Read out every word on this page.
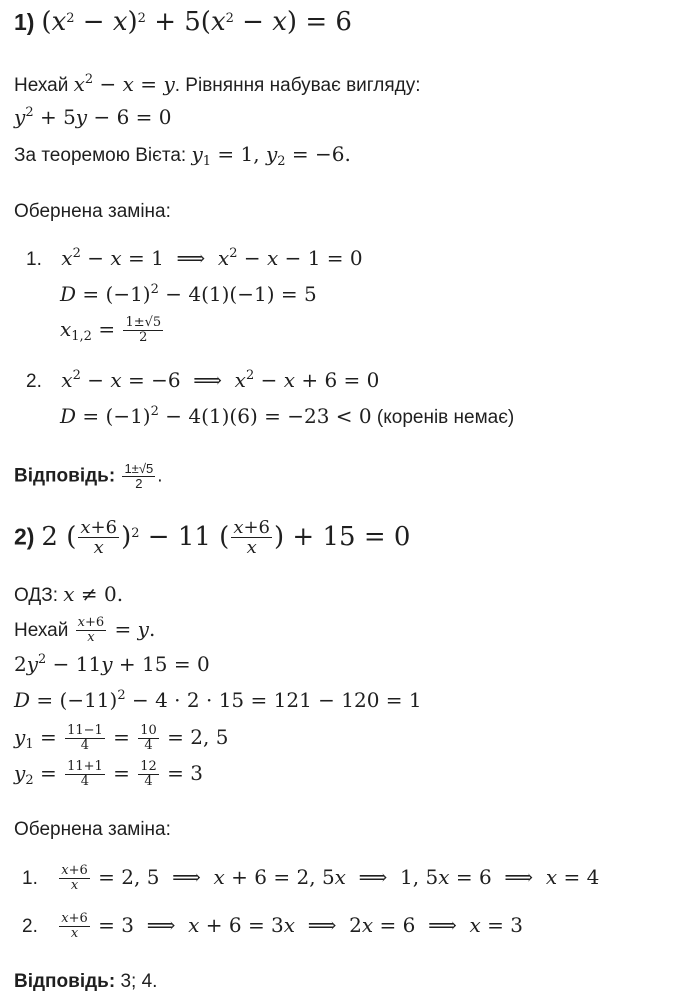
1) $(x^2 - x)^2 + 5(x^2 - x) = 6$
Нехай $x^2 - x = y$. Рівняння набуває вигляду:
$y^2 + 5y - 6 = 0$
За теоремою Вієта: $y_1 = 1$, $y_2 = -6$.
Обернена заміна:
1. $x^2 - x = 1$  ⟹  $x^2 - x - 1 = 0$
$D = (-1)^2 - 4(1)(-1) = 5$
$x_{1,2} = \frac{1\pm√5}{2}$
2. $x^2 - x = -6$  ⟹  $x^2 - x + 6 = 0$
$D = (-1)^2 - 4(1)(6) = -23 < 0$ (коренів немає)
Відповідь: $\frac{1\pm√5}{2}$ .
2) 2 ( $\frac{x+6}{x} )^2 - 11$ ( $\frac{x+6}{x}$ ) + 15 = 0
ОДЗ: x ≠ 0.
Нехай $\frac{x+6}{x} = y$.
$2y^2 - 11y + 15 = 0$
$D = (-11)^2 - 4 \cdot 2 \cdot 15 = 121 - 120 = 1$
$y_1 = \frac{11-1}{4} = \frac{10}{4} = 2$, 5
$y_2 = \frac{11+1}{4} = \frac{12}{4} = 3$
Обернена заміна:
1. $\frac{x+6}{x} = 2$, 5  ⟹  x + 6 = 2, 5x  ⟹  1, 5x = 6  ⟹  x = 4
2. $\frac{x+6}{x} = 3$  ⟹  x + 6 = 3x  ⟹  2x = 6  ⟹  x = 3
Відповідь: 3; 4.
